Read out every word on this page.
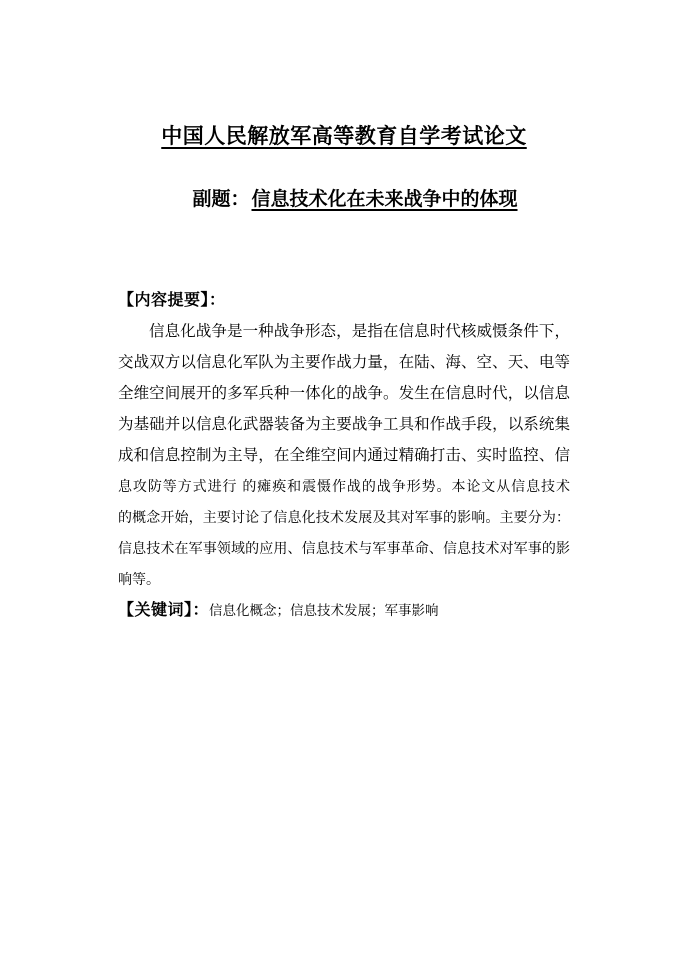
中国人民解放军高等教育自学考试论文
副题： 信息技术化在未来战争中的体现
【内容提要】：
信息化战争是一种战争形态，是指在信息时代核威慑条件下，
交战双方以信息化军队为主要作战力量，在陆、海、空、天、电等
全维空间展开的多军兵种一体化的战争。发生在信息时代，以信息
为基础并以信息化武器装备为主要战争工具和作战手段，以系统集
成和信息控制为主导，在全维空间内通过精确打击、实时监控、信
息攻防等方式进行 的瘫痪和震慑作战的战争形势。本论文从信息技术
的概念开始，主要讨论了信息化技术发展及其对军事的影响。主要分为：
信息技术在军事领域的应用、信息技术与军事革命、信息技术对军事的影
响等。
【关键词】：信息化概念；信息技术发展；军事影响
